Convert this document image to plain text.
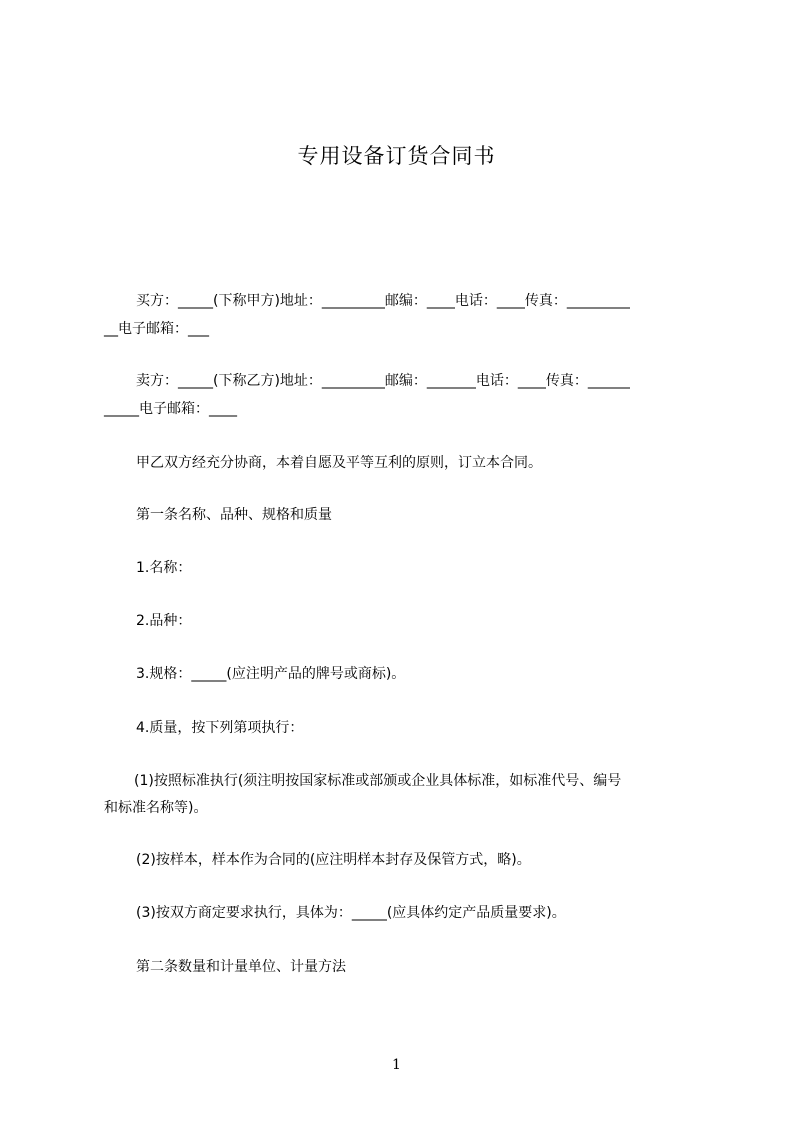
专用设备订货合同书

买方：_____(下称甲方)地址：_________邮编：____电话：____传真：_________

__电子邮箱：___

卖方：_____(下称乙方)地址：_________邮编：_______电话：____传真：______

_____电子邮箱：____

甲乙双方经充分协商，本着自愿及平等互利的原则，订立本合同。

第一条名称、品种、规格和质量

1.名称：

2.品种：

3.规格：_____(应注明产品的牌号或商标)。

4.质量，按下列第项执行：

(1)按照标准执行(须注明按国家标准或部颁或企业具体标准，如标准代号、编号

和标准名称等)。

(2)按样本，样本作为合同的(应注明样本封存及保管方式，略)。

(3)按双方商定要求执行，具体为：_____(应具体约定产品质量要求)。

第二条数量和计量单位、计量方法

1
